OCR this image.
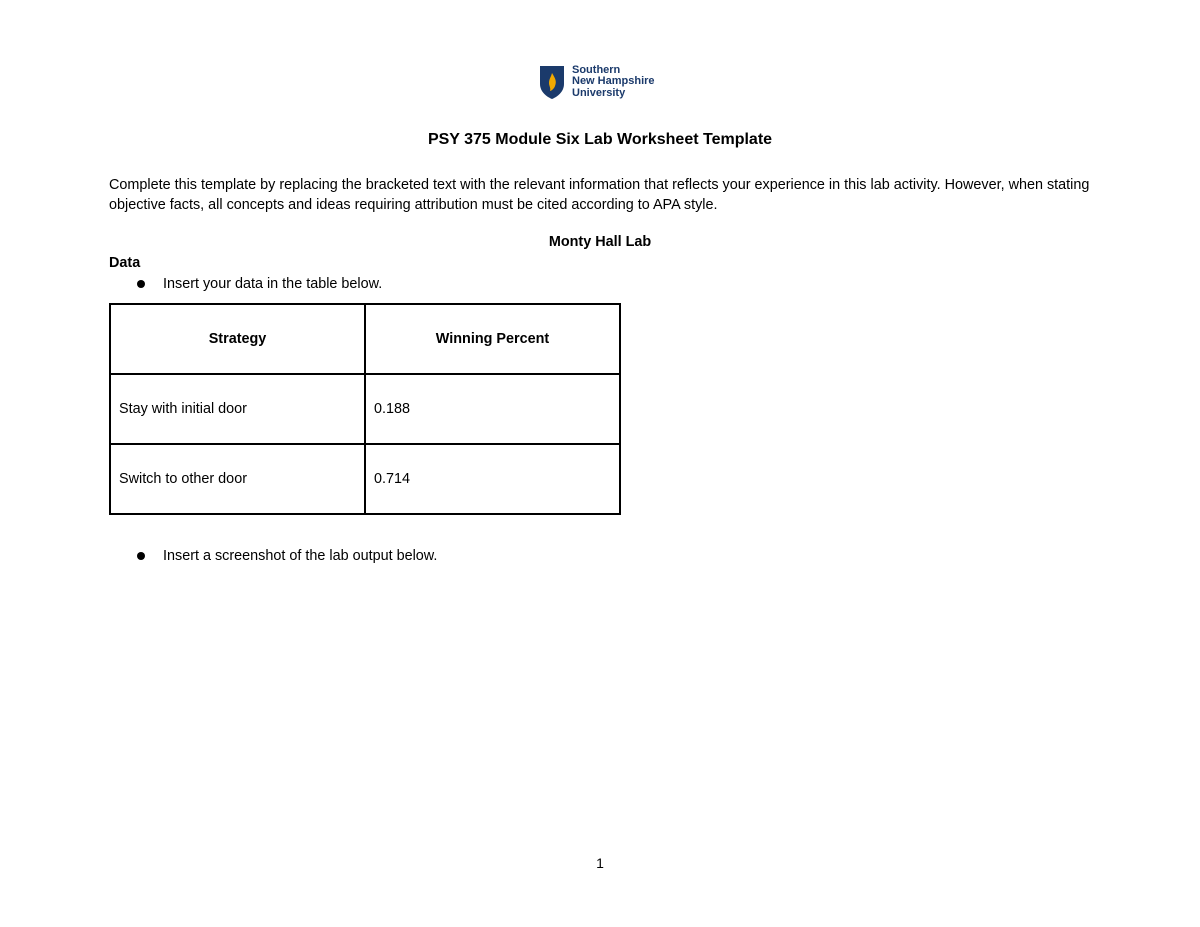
Southern
New Hampshire
University
PSY 375 Module Six Lab Worksheet Template

Complete this template by replacing the bracketed text with the relevant information that reflects your experience in this lab activity. However, when stating objective facts, all concepts and ideas requiring attribution must be cited according to APA style.

Monty Hall Lab
Data
Insert your data in the table below.
Strategy	Winning Percent
Stay with initial door	0.188
Switch to other door	0.714
Insert a screenshot of the lab output below.
1
